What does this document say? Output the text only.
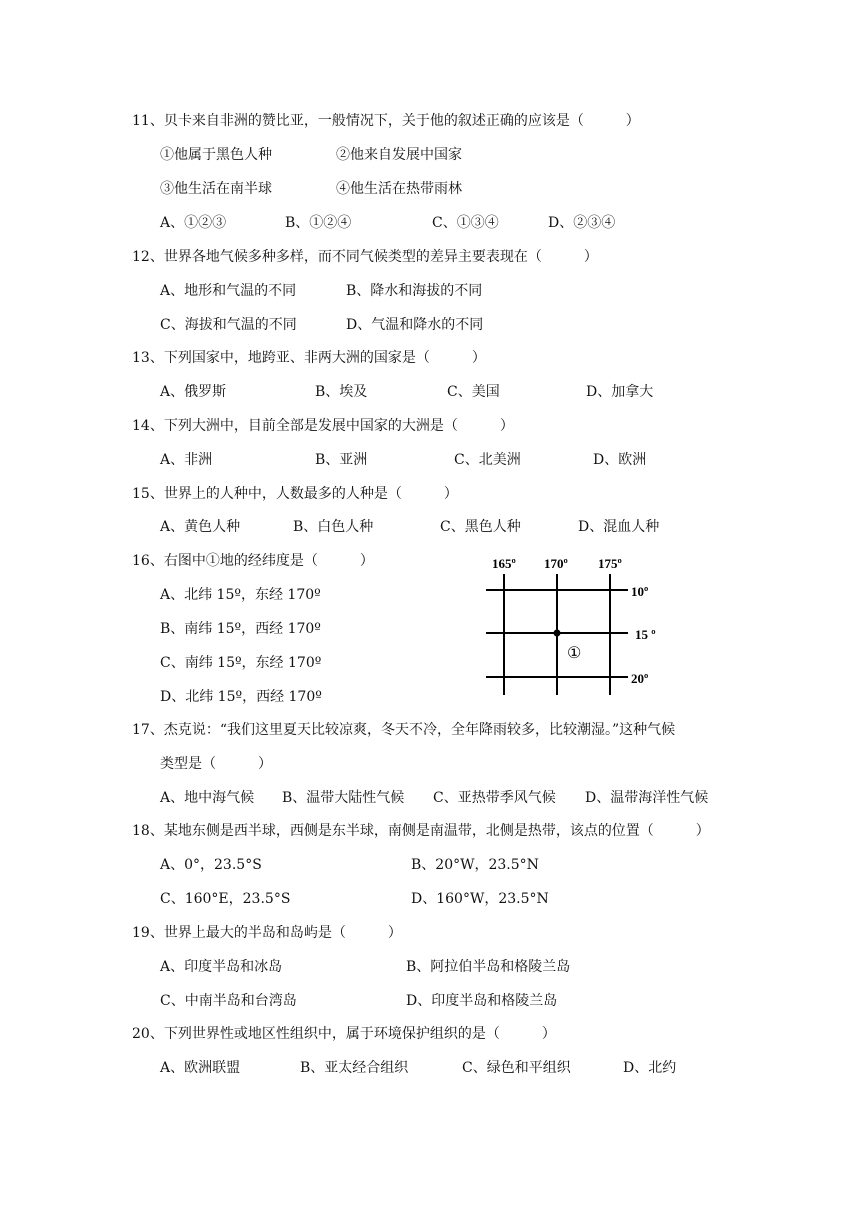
11、贝卡来自非洲的赞比亚，一般情况下，关于他的叙述正确的应该是（　　　）
①他属于黑色人种	②他来自发展中国家
③他生活在南半球	④他生活在热带雨林
A、①②③	B、①②④	C、①③④	D、②③④
12、世界各地气候多种多样，而不同气候类型的差异主要表现在（　　　）
A、地形和气温的不同	B、降水和海拔的不同
C、海拔和气温的不同	D、气温和降水的不同
13、下列国家中，地跨亚、非两大洲的国家是（　　　）
A、俄罗斯	B、埃及	C、美国	D、加拿大
14、下列大洲中，目前全部是发展中国家的大洲是（　　　）
A、非洲	B、亚洲	C、北美洲	D、欧洲
15、世界上的人种中，人数最多的人种是（　　　）
A、黄色人种	B、白色人种	C、黑色人种	D、混血人种
16、右图中①地的经纬度是（　　　）
A、北纬 15º，东经 170º
B、南纬 15º，西经 170º
C、南纬 15º，东经 170º
D、北纬 15º，西经 170º
165º 170º 175º
10º
15 º
20º
①
17、杰克说：“我们这里夏天比较凉爽，冬天不冷，全年降雨较多，比较潮湿。”这种气候
类型是（　　　）
A、地中海气候 B、温带大陆性气候 C、亚热带季风气候 D、温带海洋性气候
18、某地东侧是西半球，西侧是东半球，南侧是南温带，北侧是热带，该点的位置（　　　）
A、0°，23.5°S	B、20°W，23.5°N
C、160°E，23.5°S	D、160°W，23.5°N
19、世界上最大的半岛和岛屿是（　　　）
A、印度半岛和冰岛	B、阿拉伯半岛和格陵兰岛
C、中南半岛和台湾岛	D、印度半岛和格陵兰岛
20、下列世界性或地区性组织中，属于环境保护组织的是（　　　）
A、欧洲联盟	B、亚太经合组织	C、绿色和平组织	D、北约
